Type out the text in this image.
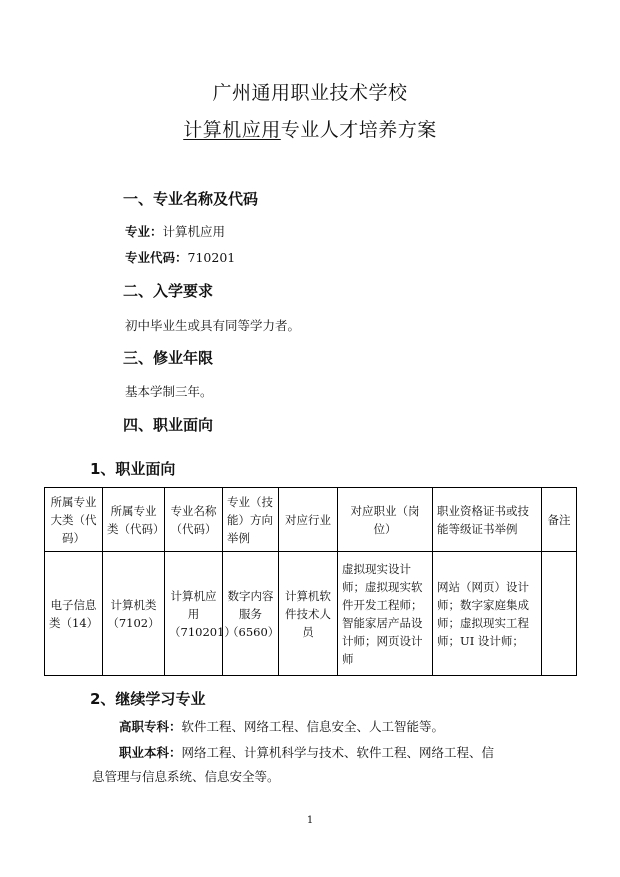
广州通用职业技术学校
计算机应用专业人才培养方案
一、专业名称及代码
专业：计算机应用
专业代码：710201
二、入学要求
初中毕业生或具有同等学力者。
三、修业年限
基本学制三年。
四、职业面向
1、职业面向
所属专业大类（代码）	所属专业类（代码）	专业名称（代码）	专业（技能）方向举例	对应行业	对应职业（岗位）	职业资格证书或技能等级证书举例	备注
电子信息类（14）	计算机类（7102）	计算机应用（710201）	数字内容服务（6560）	计算机软件技术人员	虚拟现实设计师；虚拟现实软件开发工程师；智能家居产品设计师；网页设计师	网站（网页）设计师；数字家庭集成师；虚拟现实工程师；UI 设计师；	
2、继续学习专业
高职专科：软件工程、网络工程、信息安全、人工智能等。
职业本科：网络工程、计算机科学与技术、软件工程、网络工程、信
息管理与信息系统、信息安全等。
1
